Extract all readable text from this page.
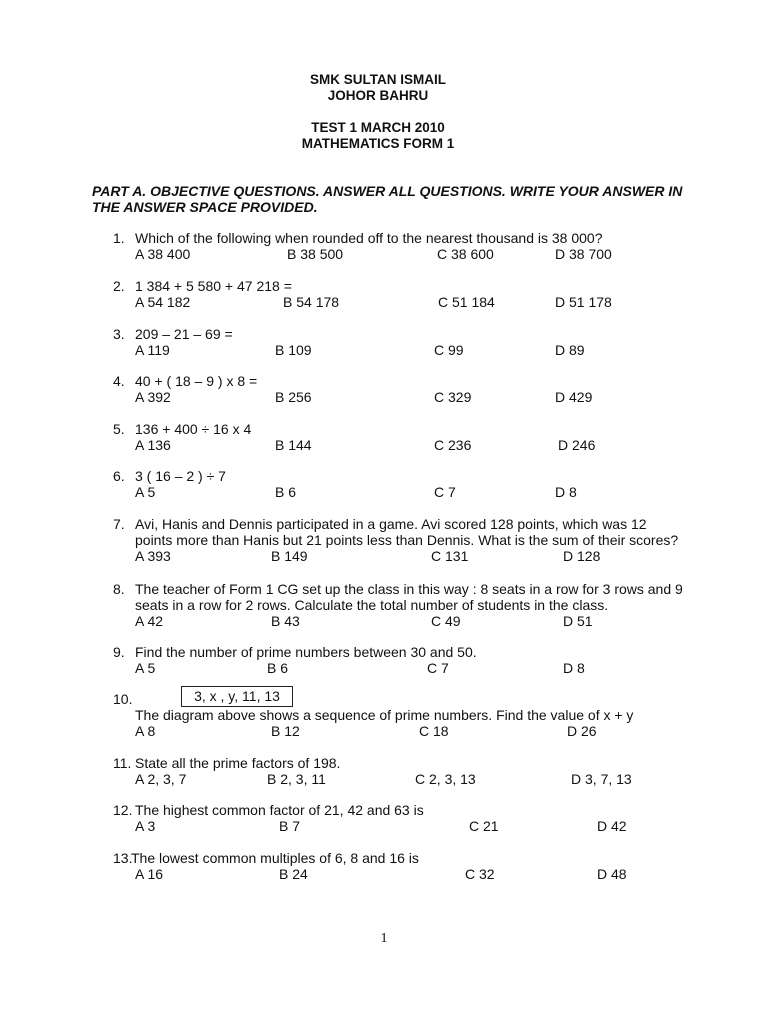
SMK SULTAN ISMAIL
JOHOR BAHRU
TEST 1 MARCH 2010
MATHEMATICS FORM 1
PART A. OBJECTIVE QUESTIONS. ANSWER ALL QUESTIONS. WRITE YOUR ANSWER IN
THE ANSWER SPACE PROVIDED.
1. Which of the following when rounded off to the nearest thousand is 38 000?
A 38 400	B 38 500	C 38 600	D 38 700
2. 1 384 + 5 580 + 47 218 =
A 54 182	B 54 178	C 51 184	D 51 178
3. 209 – 21 – 69 =
A 119	B 109	C 99	D 89
4. 40 + ( 18 – 9 ) x 8 =
A 392	B 256	C 329	D 429
5. 136 + 400 ÷ 16 x 4
A 136	B 144	C 236	D 246
6. 3 ( 16 – 2 ) ÷ 7
A 5	B 6	C 7	D 8
7. Avi, Hanis and Dennis participated in a game. Avi scored 128 points, which was 12
points more than Hanis but 21 points less than Dennis. What is the sum of their scores?
A 393	B 149	C 131	D 128
8. The teacher of Form 1 CG set up the class in this way : 8 seats in a row for 3 rows and 9
seats in a row for 2 rows. Calculate the total number of students in the class.
A 42	B 43	C 49	D 51
9. Find the number of prime numbers between 30 and 50.
A 5	B 6	C 7	D 8
10.	3, x , y, 11, 13
The diagram above shows a sequence of prime numbers. Find the value of x + y
A 8	B 12	C 18	D 26
11. State all the prime factors of 198.
A 2, 3, 7	B 2, 3, 11	C 2, 3, 13	D 3, 7, 13
12. The highest common factor of 21, 42 and 63 is
A 3	B 7	C 21	D 42
13.
The lowest common multiples of 6, 8 and 16 is
A 16	B 24	C 32	D 48
1
